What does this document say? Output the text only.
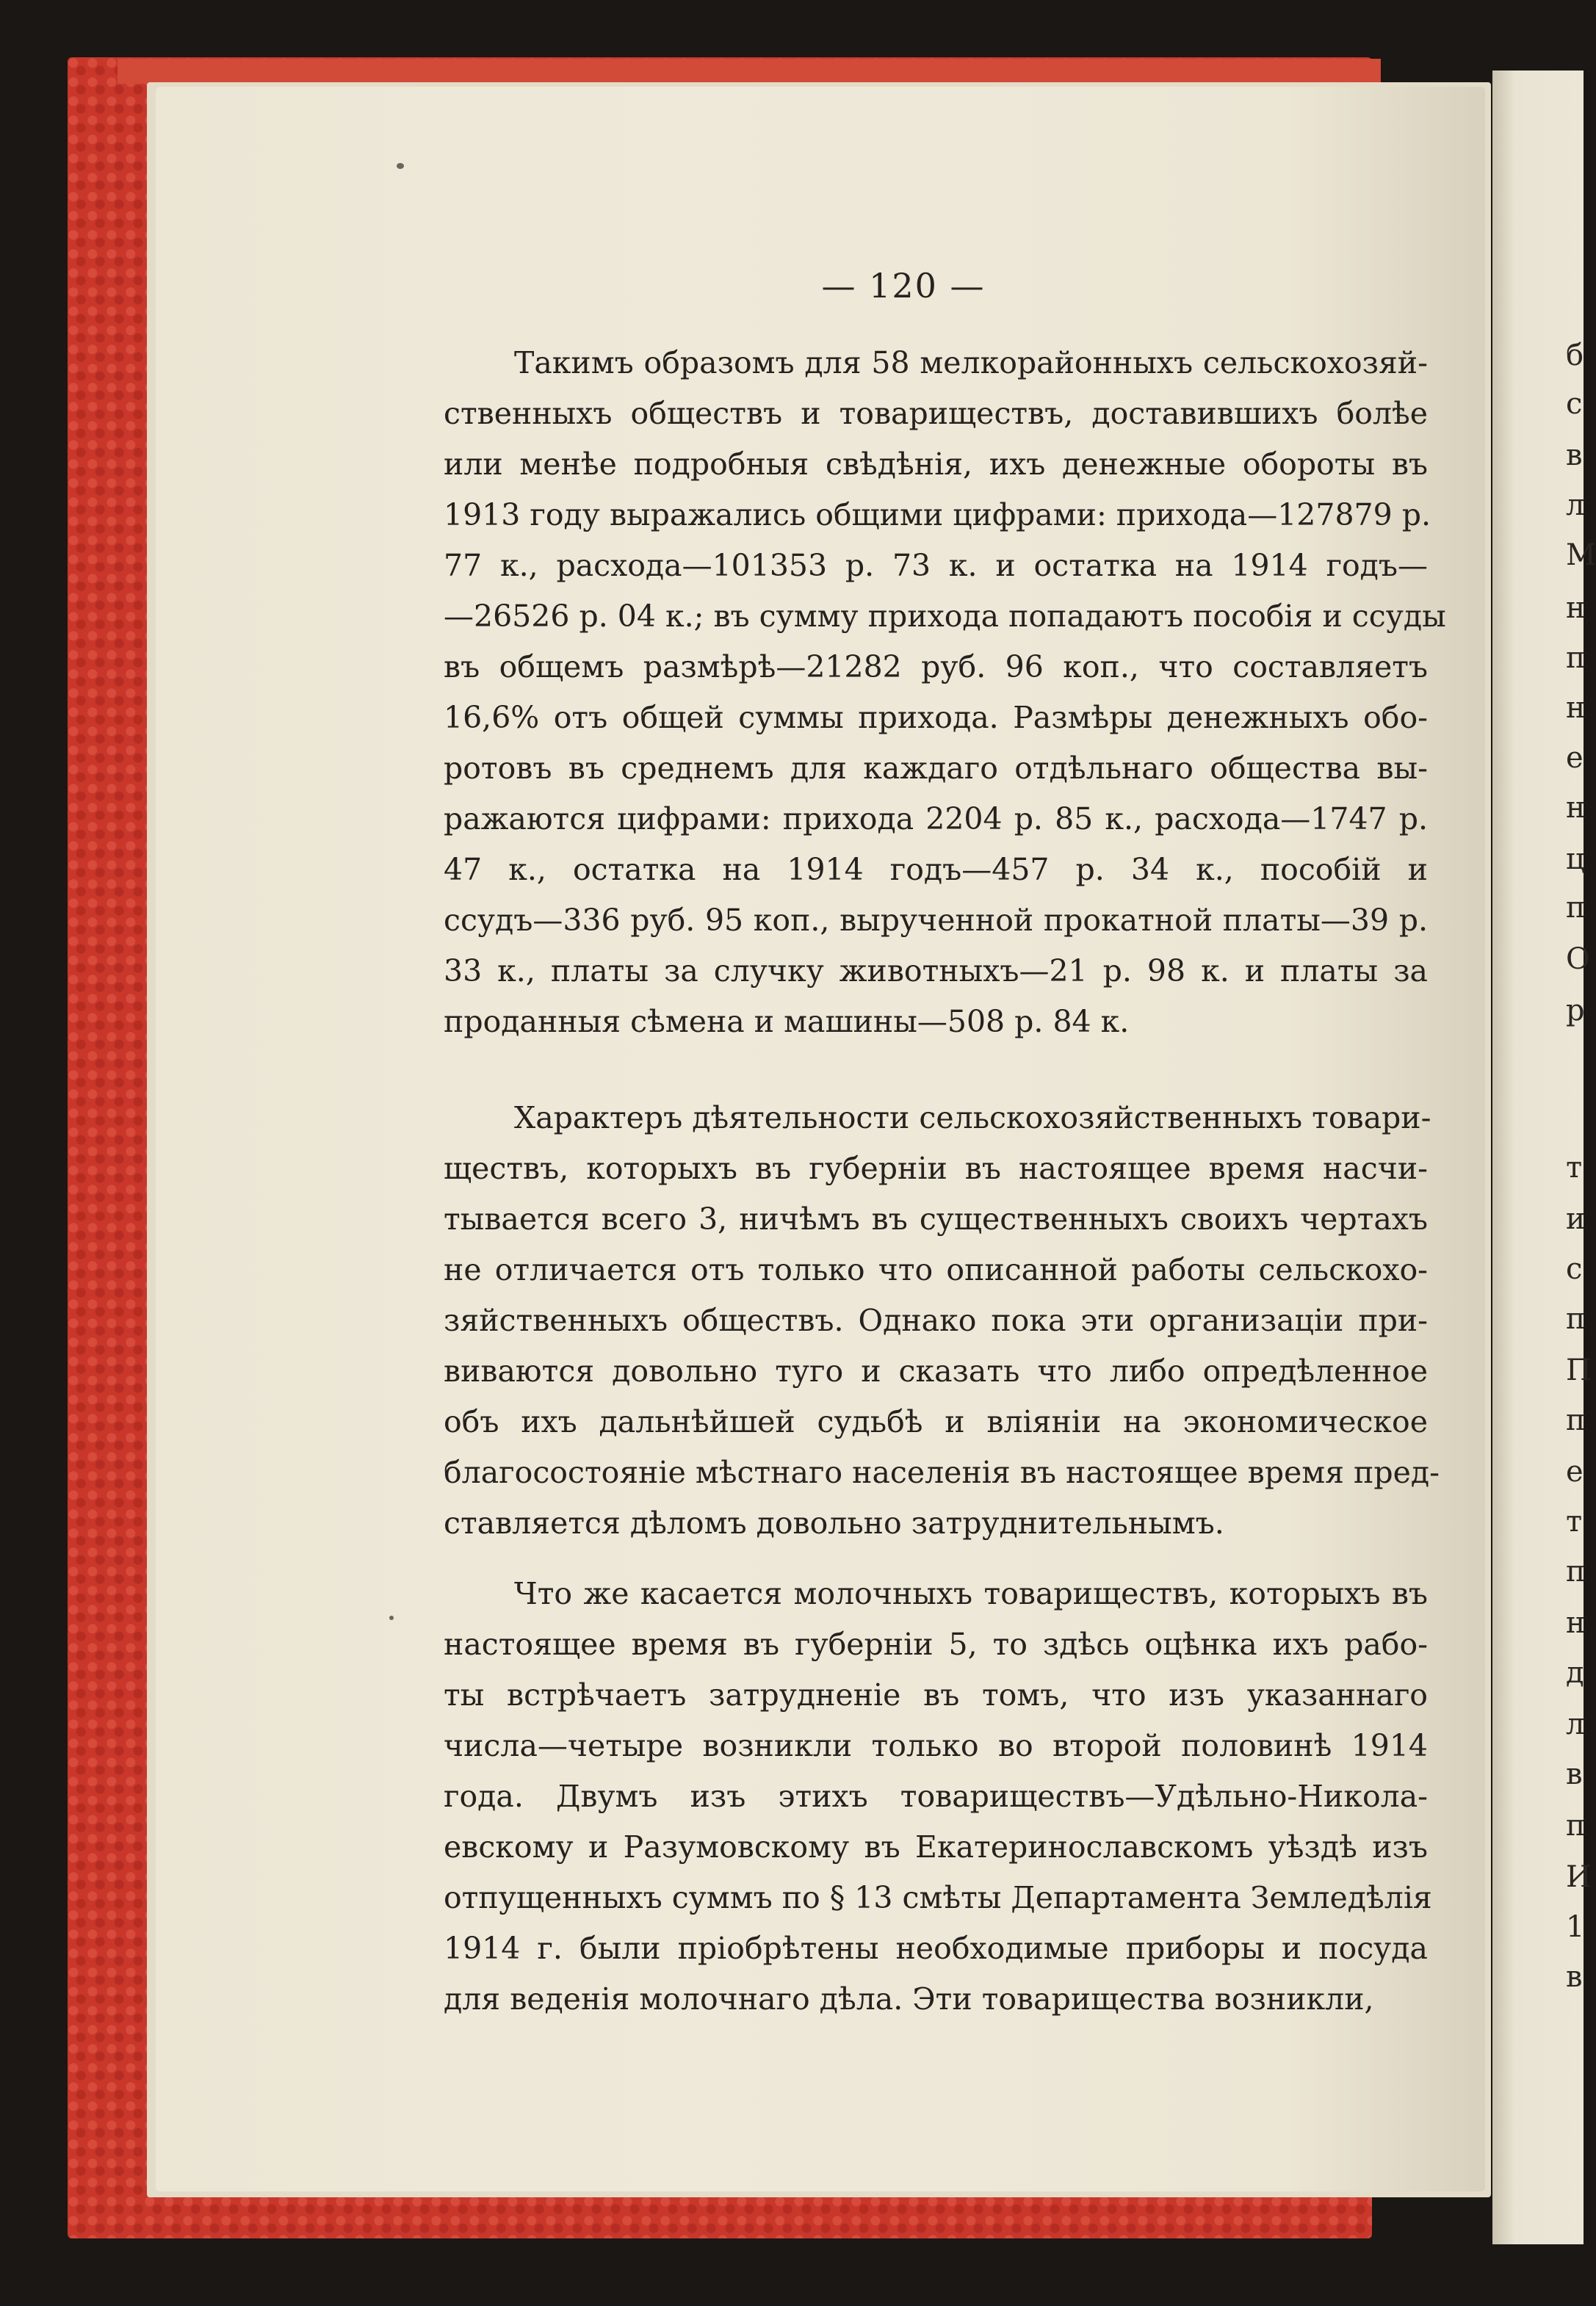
б
с
в
л
М
н
п
н
е
н
ц
п
О
р
т
и
с
п
П
п
е
т
п
н
д
л
в
п
И
1
в
— 120 —
Такимъ образомъ для 58 мелкорайонныхъ сельскохозяй-
ственныхъ обществъ и товариществъ, доставившихъ болѣе
или менѣе подробныя свѣдѣнія, ихъ денежные обороты въ
1913 году выражались общими цифрами: прихода—127879 р.
77 к., расхода—101353 р. 73 к. и остатка на 1914 годъ—
—26526 р. 04 к.; въ сумму прихода попадаютъ пособія и ссуды
въ общемъ размѣрѣ—21282 руб. 96 коп., что составляетъ
16,6% отъ общей суммы прихода. Размѣры денежныхъ обо-
ротовъ въ среднемъ для каждаго отдѣльнаго общества вы-
ражаются цифрами: прихода 2204 р. 85 к., расхода—1747 р.
47 к., остатка на 1914 годъ—457 р. 34 к., пособій и
ссудъ—336 руб. 95 коп., вырученной прокатной платы—39 р.
33 к., платы за случку животныхъ—21 р. 98 к. и платы за
проданныя сѣмена и машины—508 р. 84 к.
Характеръ дѣятельности сельскохозяйственныхъ товари-
ществъ, которыхъ въ губерніи въ настоящее время насчи-
тывается всего 3, ничѣмъ въ существенныхъ своихъ чертахъ
не отличается отъ только что описанной работы сельскохо-
зяйственныхъ обществъ. Однако пока эти организаціи при-
виваются довольно туго и сказать что либо опредѣленное
объ ихъ дальнѣйшей судьбѣ и вліяніи на экономическое
благосостояніе мѣстнаго населенія въ настоящее время пред-
ставляется дѣломъ довольно затруднительнымъ.
Что же касается молочныхъ товариществъ, которыхъ въ
настоящее время въ губерніи 5, то здѣсь оцѣнка ихъ рабо-
ты встрѣчаетъ затрудненіе въ томъ, что изъ указаннаго
числа—четыре возникли только во второй половинѣ 1914
года. Двумъ изъ этихъ товариществъ—Удѣльно-Николa-
евскому и Разумовскому въ Екатеринославскомъ уѣздѣ изъ
отпущенныхъ суммъ по § 13 смѣты Департамента Земледѣлія
1914 г. были пріобрѣтены необходимые приборы и посуда
для веденія молочнаго дѣла. Эти товарищества возникли,
